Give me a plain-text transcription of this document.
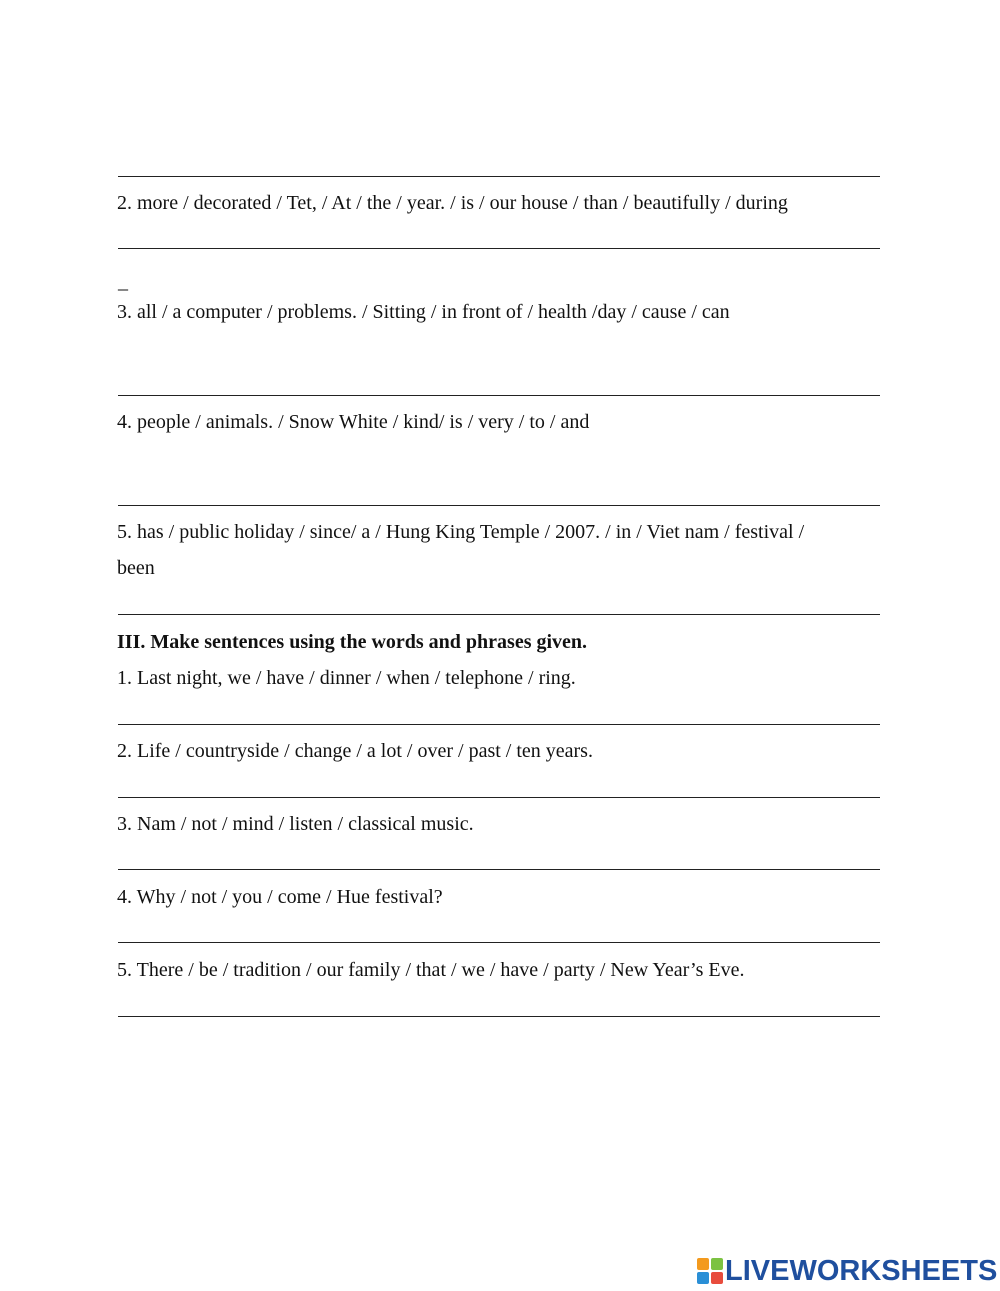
2. more / decorated / Tet, / At / the / year. / is / our house / than / beautifully / during
_
3. all / a computer / problems. / Sitting / in front of / health /day / cause / can
4. people / animals. / Snow White / kind/ is / very / to / and
5. has / public holiday / since/ a / Hung King Temple / 2007. / in / Viet nam / festival /
been
III. Make sentences using the words and phrases given.
1. Last night, we / have / dinner / when / telephone / ring.
2. Life / countryside / change / a lot / over / past / ten years.
3. Nam / not / mind / listen / classical music.
4. Why / not / you / come / Hue festival?
5. There / be / tradition / our family / that / we / have / party / New Year’s Eve.
LIVEWORKSHEETS
